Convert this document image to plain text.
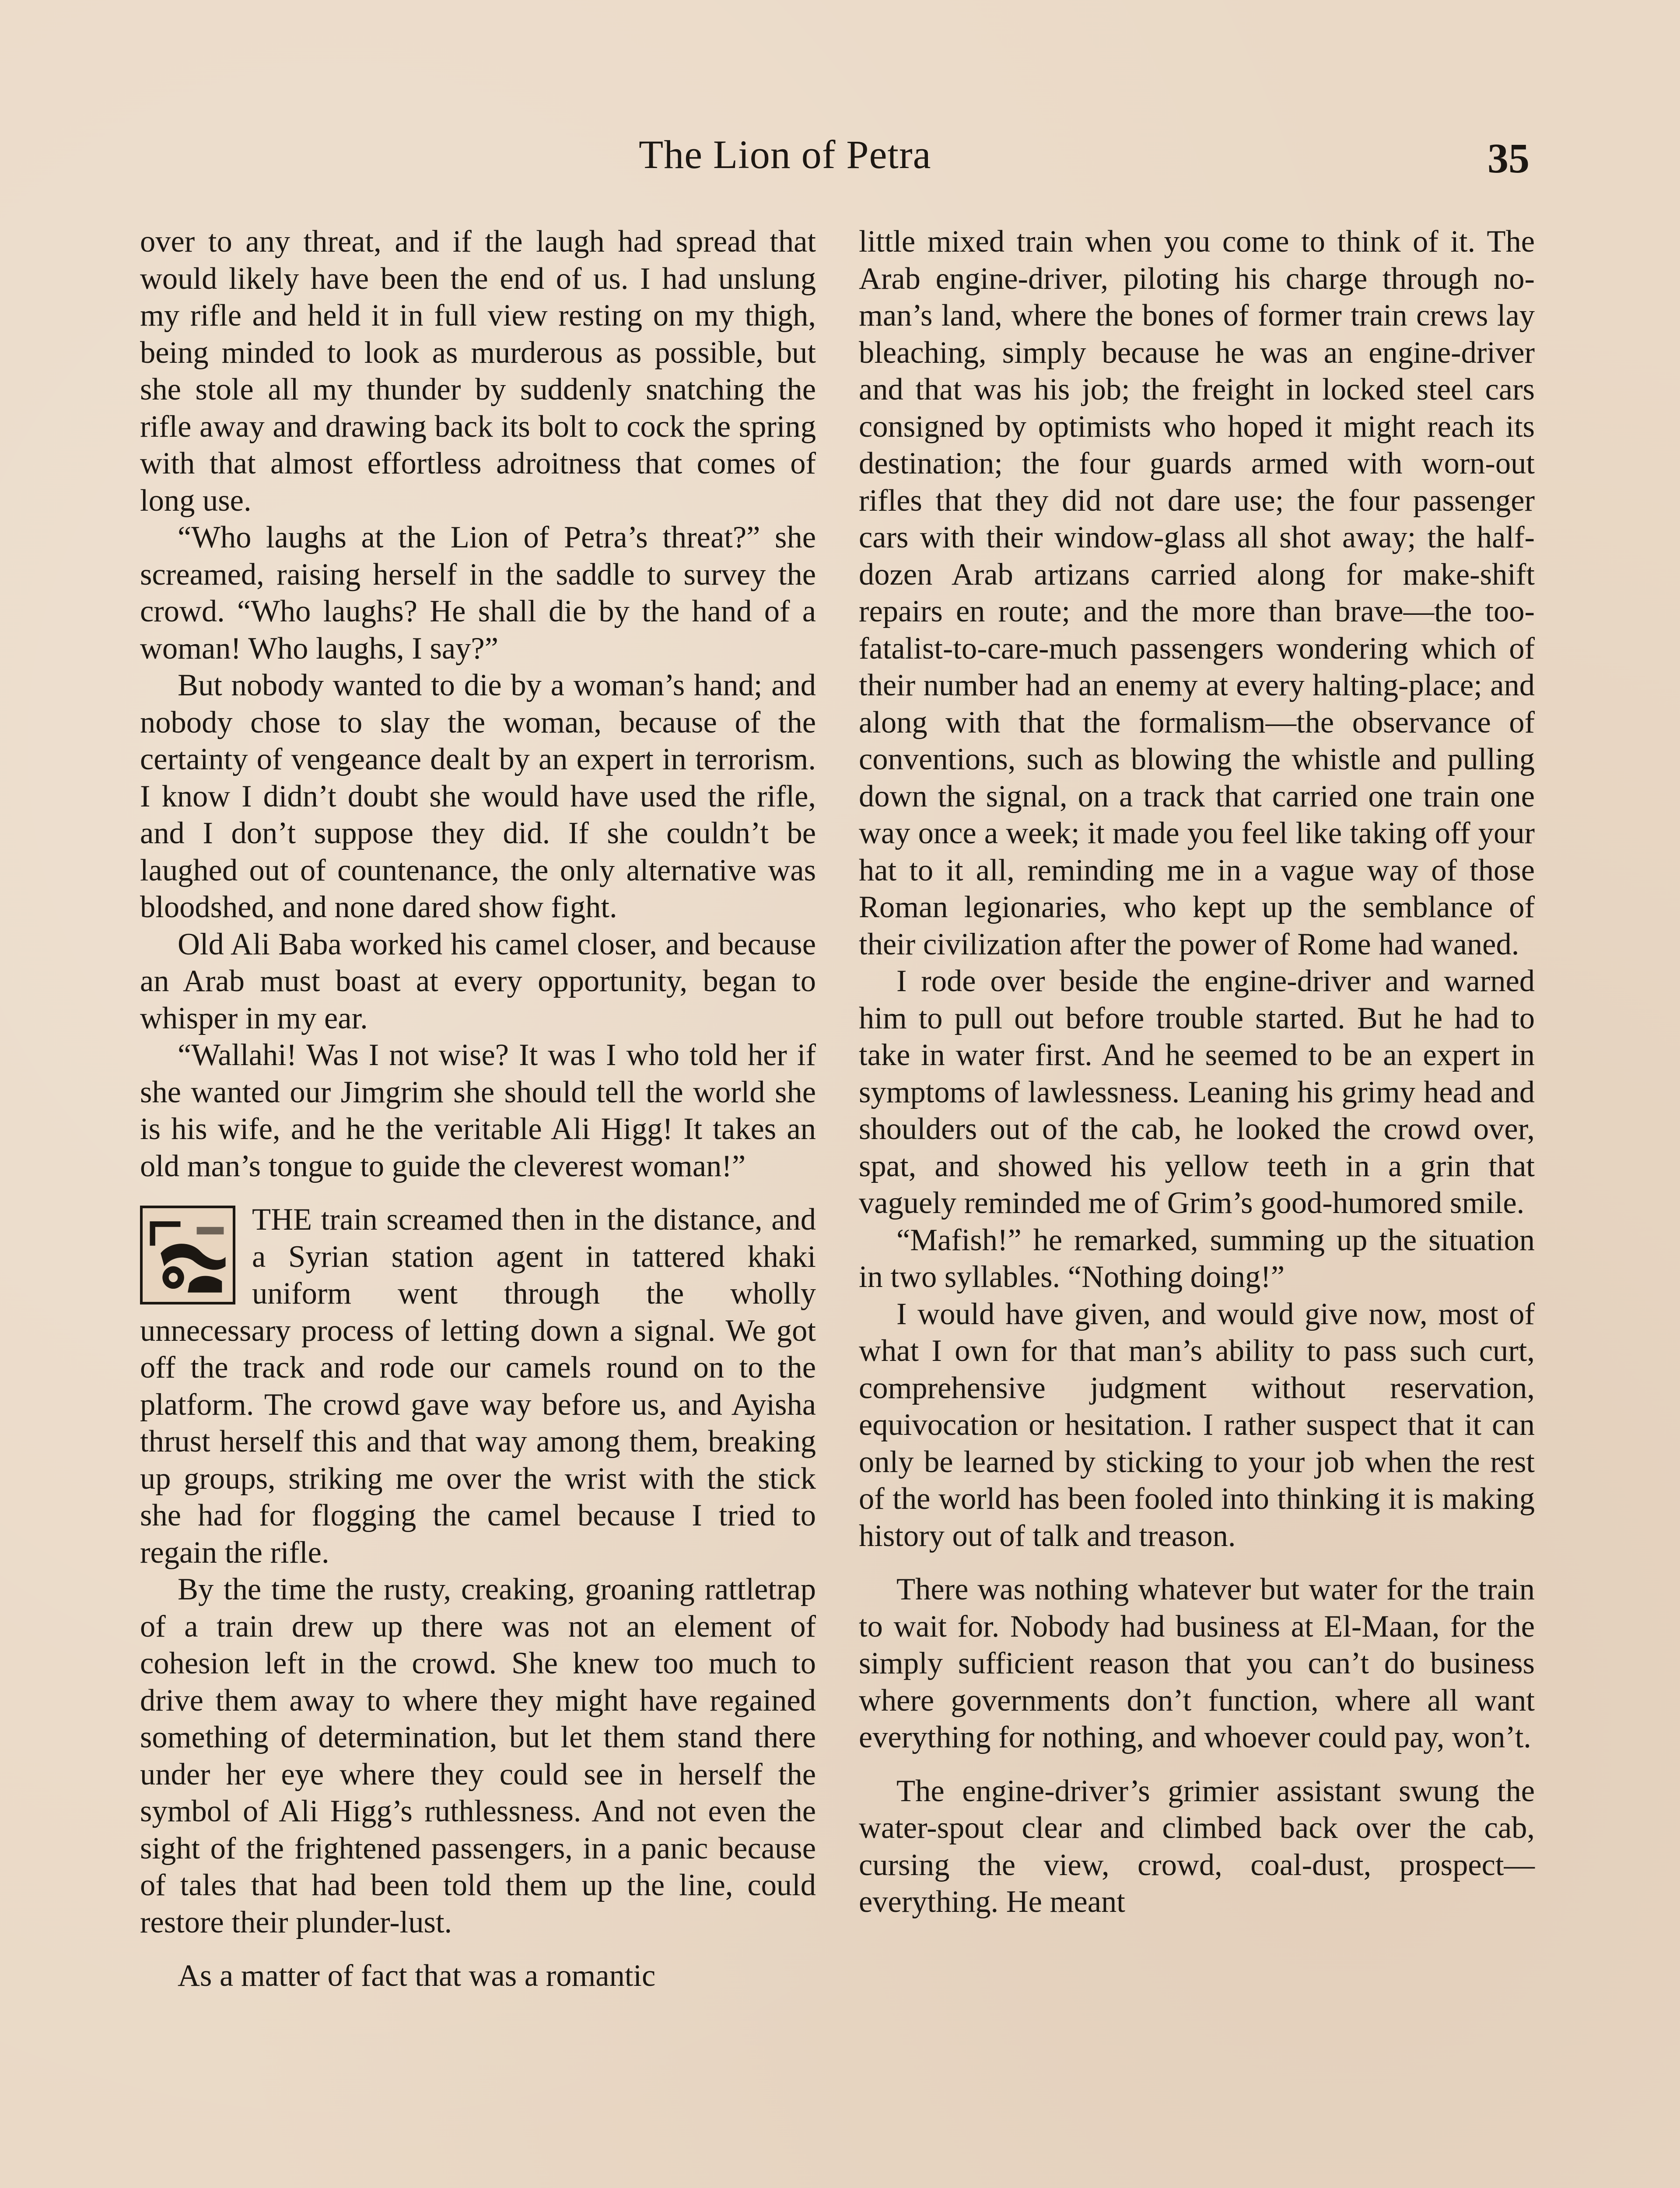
The Lion of Petra	35

over to any threat, and if the laugh had spread that would likely have been the end of us. I had unslung my rifle and held it in full view resting on my thigh, being minded to look as murderous as possible, but she stole all my thunder by suddenly snatching the rifle away and drawing back its bolt to cock the spring with that almost effortless adroitness that comes of long use.

“Who laughs at the Lion of Petra’s threat?” she screamed, raising herself in the saddle to survey the crowd. “Who laughs? He shall die by the hand of a woman! Who laughs, I say?”

But nobody wanted to die by a woman’s hand; and nobody chose to slay the woman, because of the certainty of vengeance dealt by an expert in terrorism. I know I didn’t doubt she would have used the rifle, and I don’t suppose they did. If she couldn’t be laughed out of countenance, the only alternative was bloodshed, and none dared show fight.

Old Ali Baba worked his camel closer, and because an Arab must boast at every opportunity, began to whisper in my ear.

“Wallahi! Was I not wise? It was I who told her if she wanted our Jimgrim she should tell the world she is his wife, and he the veritable Ali Higg! It takes an old man’s tongue to guide the cleverest woman!”

THE train screamed then in the distance, and a Syrian station agent in tattered khaki uniform went through the wholly unnecessary process of letting down a signal. We got off the track and rode our camels round on to the platform. The crowd gave way before us, and Ayisha thrust herself this and that way among them, breaking up groups, striking me over the wrist with the stick she had for flogging the camel because I tried to regain the rifle.

By the time the rusty, creaking, groaning rattletrap of a train drew up there was not an element of cohesion left in the crowd. She knew too much to drive them away to where they might have regained something of determination, but let them stand there under her eye where they could see in herself the symbol of Ali Higg’s ruthlessness. And not even the sight of the frightened passengers, in a panic because of tales that had been told them up the line, could restore their plunder-lust.

As a matter of fact that was a romantic

little mixed train when you come to think of it. The Arab engine-driver, piloting his charge through no-man’s land, where the bones of former train crews lay bleaching, simply because he was an engine-driver and that was his job; the freight in locked steel cars consigned by optimists who hoped it might reach its destination; the four guards armed with worn-out rifles that they did not dare use; the four passenger cars with their window-glass all shot away; the half-dozen Arab artizans carried along for make-shift repairs en route; and the more than brave—the too-fatalist-to-care-much passengers wondering which of their number had an enemy at every halting-place; and along with that the formalism—the observance of conventions, such as blowing the whistle and pulling down the signal, on a track that carried one train one way once a week; it made you feel like taking off your hat to it all, reminding me in a vague way of those Roman legionaries, who kept up the semblance of their civilization after the power of Rome had waned.

I rode over beside the engine-driver and warned him to pull out before trouble started. But he had to take in water first. And he seemed to be an expert in symptoms of lawlessness. Leaning his grimy head and shoulders out of the cab, he looked the crowd over, spat, and showed his yellow teeth in a grin that vaguely reminded me of Grim’s good-humored smile.

“Mafish!” he remarked, summing up the situation in two syllables. “Nothing doing!”

I would have given, and would give now, most of what I own for that man’s ability to pass such curt, comprehensive judgment without reservation, equivocation or hesitation. I rather suspect that it can only be learned by sticking to your job when the rest of the world has been fooled into thinking it is making history out of talk and treason.

There was nothing whatever but water for the train to wait for. Nobody had business at El-Maan, for the simply sufficient reason that you can’t do business where governments don’t function, where all want everything for nothing, and whoever could pay, won’t.

The engine-driver’s grimier assistant swung the water-spout clear and climbed back over the cab, cursing the view, crowd, coal-dust, prospect—everything. He meant
